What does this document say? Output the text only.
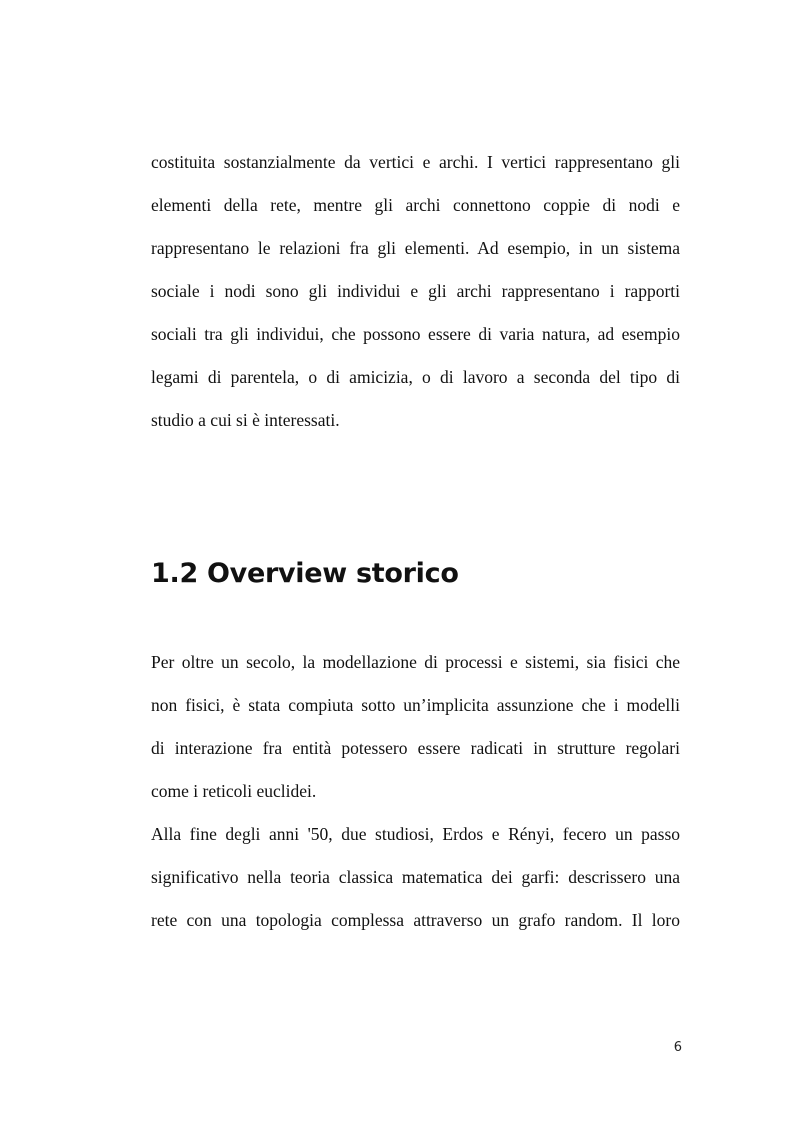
costituita sostanzialmente da vertici e archi. I vertici rappresentano gli
elementi della rete, mentre gli archi connettono coppie di nodi e
rappresentano le relazioni fra gli elementi. Ad esempio, in un sistema
sociale i nodi sono gli individui e gli archi rappresentano i rapporti
sociali tra gli individui, che possono essere di varia natura, ad esempio
legami di parentela, o di amicizia, o di lavoro a seconda del tipo di
studio a cui si è interessati.

1.2 Overview storico

Per oltre un secolo, la modellazione di processi e sistemi, sia fisici che
non fisici, è stata compiuta sotto un’implicita assunzione che i modelli
di interazione fra entità potessero essere radicati in strutture regolari
come i reticoli euclidei.

Alla fine degli anni '50, due studiosi, Erdos e Rényi, fecero un passo
significativo nella teoria classica matematica dei garfi: descrissero una
rete con una topologia complessa attraverso un grafo random. Il loro

6
